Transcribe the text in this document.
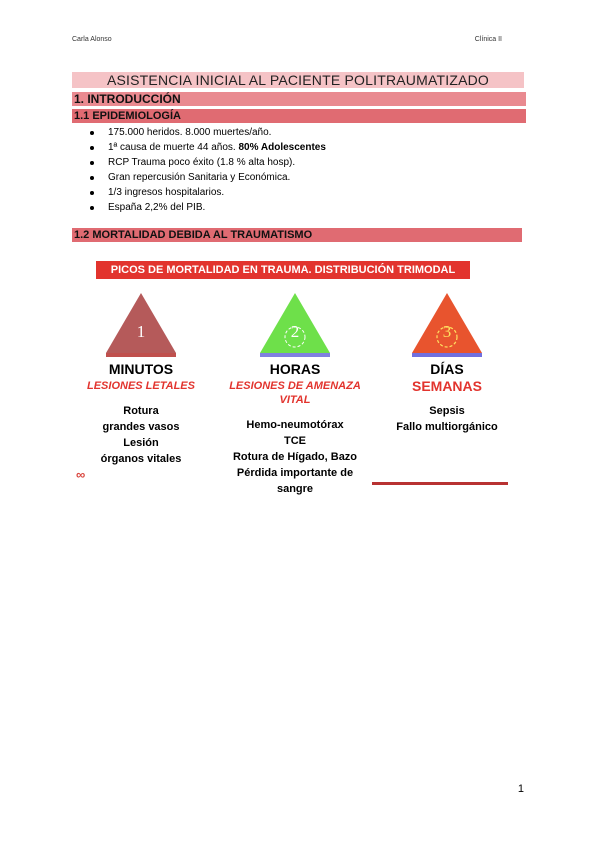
Carla Alonso	Clínica II
ASISTENCIA INICIAL AL PACIENTE POLITRAUMATIZADO
1. INTRODUCCIÓN
1.1 EPIDEMIOLOGÍA
175.000 heridos. 8.000 muertes/año.
1ª causa de muerte 44 años. 80% Adolescentes
RCP Trauma poco éxito (1.8 % alta hosp).
Gran repercusión Sanitaria y Económica.
1/3 ingresos hospitalarios.
España 2,2% del PIB.
1.2 MORTALIDAD DEBIDA AL TRAUMATISMO
PICOS DE MORTALIDAD EN TRAUMA. DISTRIBUCIÓN TRIMODAL
1
MINUTOS
LESIONES LETALES
Rotura
grandes vasos
Lesión
órganos vitales
2
HORAS
LESIONES DE AMENAZA VITAL
Hemo-neumotórax
TCE
Rotura de Hígado, Bazo
Pérdida importante de sangre
3
DÍAS
SEMANAS
Sepsis
Fallo multiorgánico
∞
1
